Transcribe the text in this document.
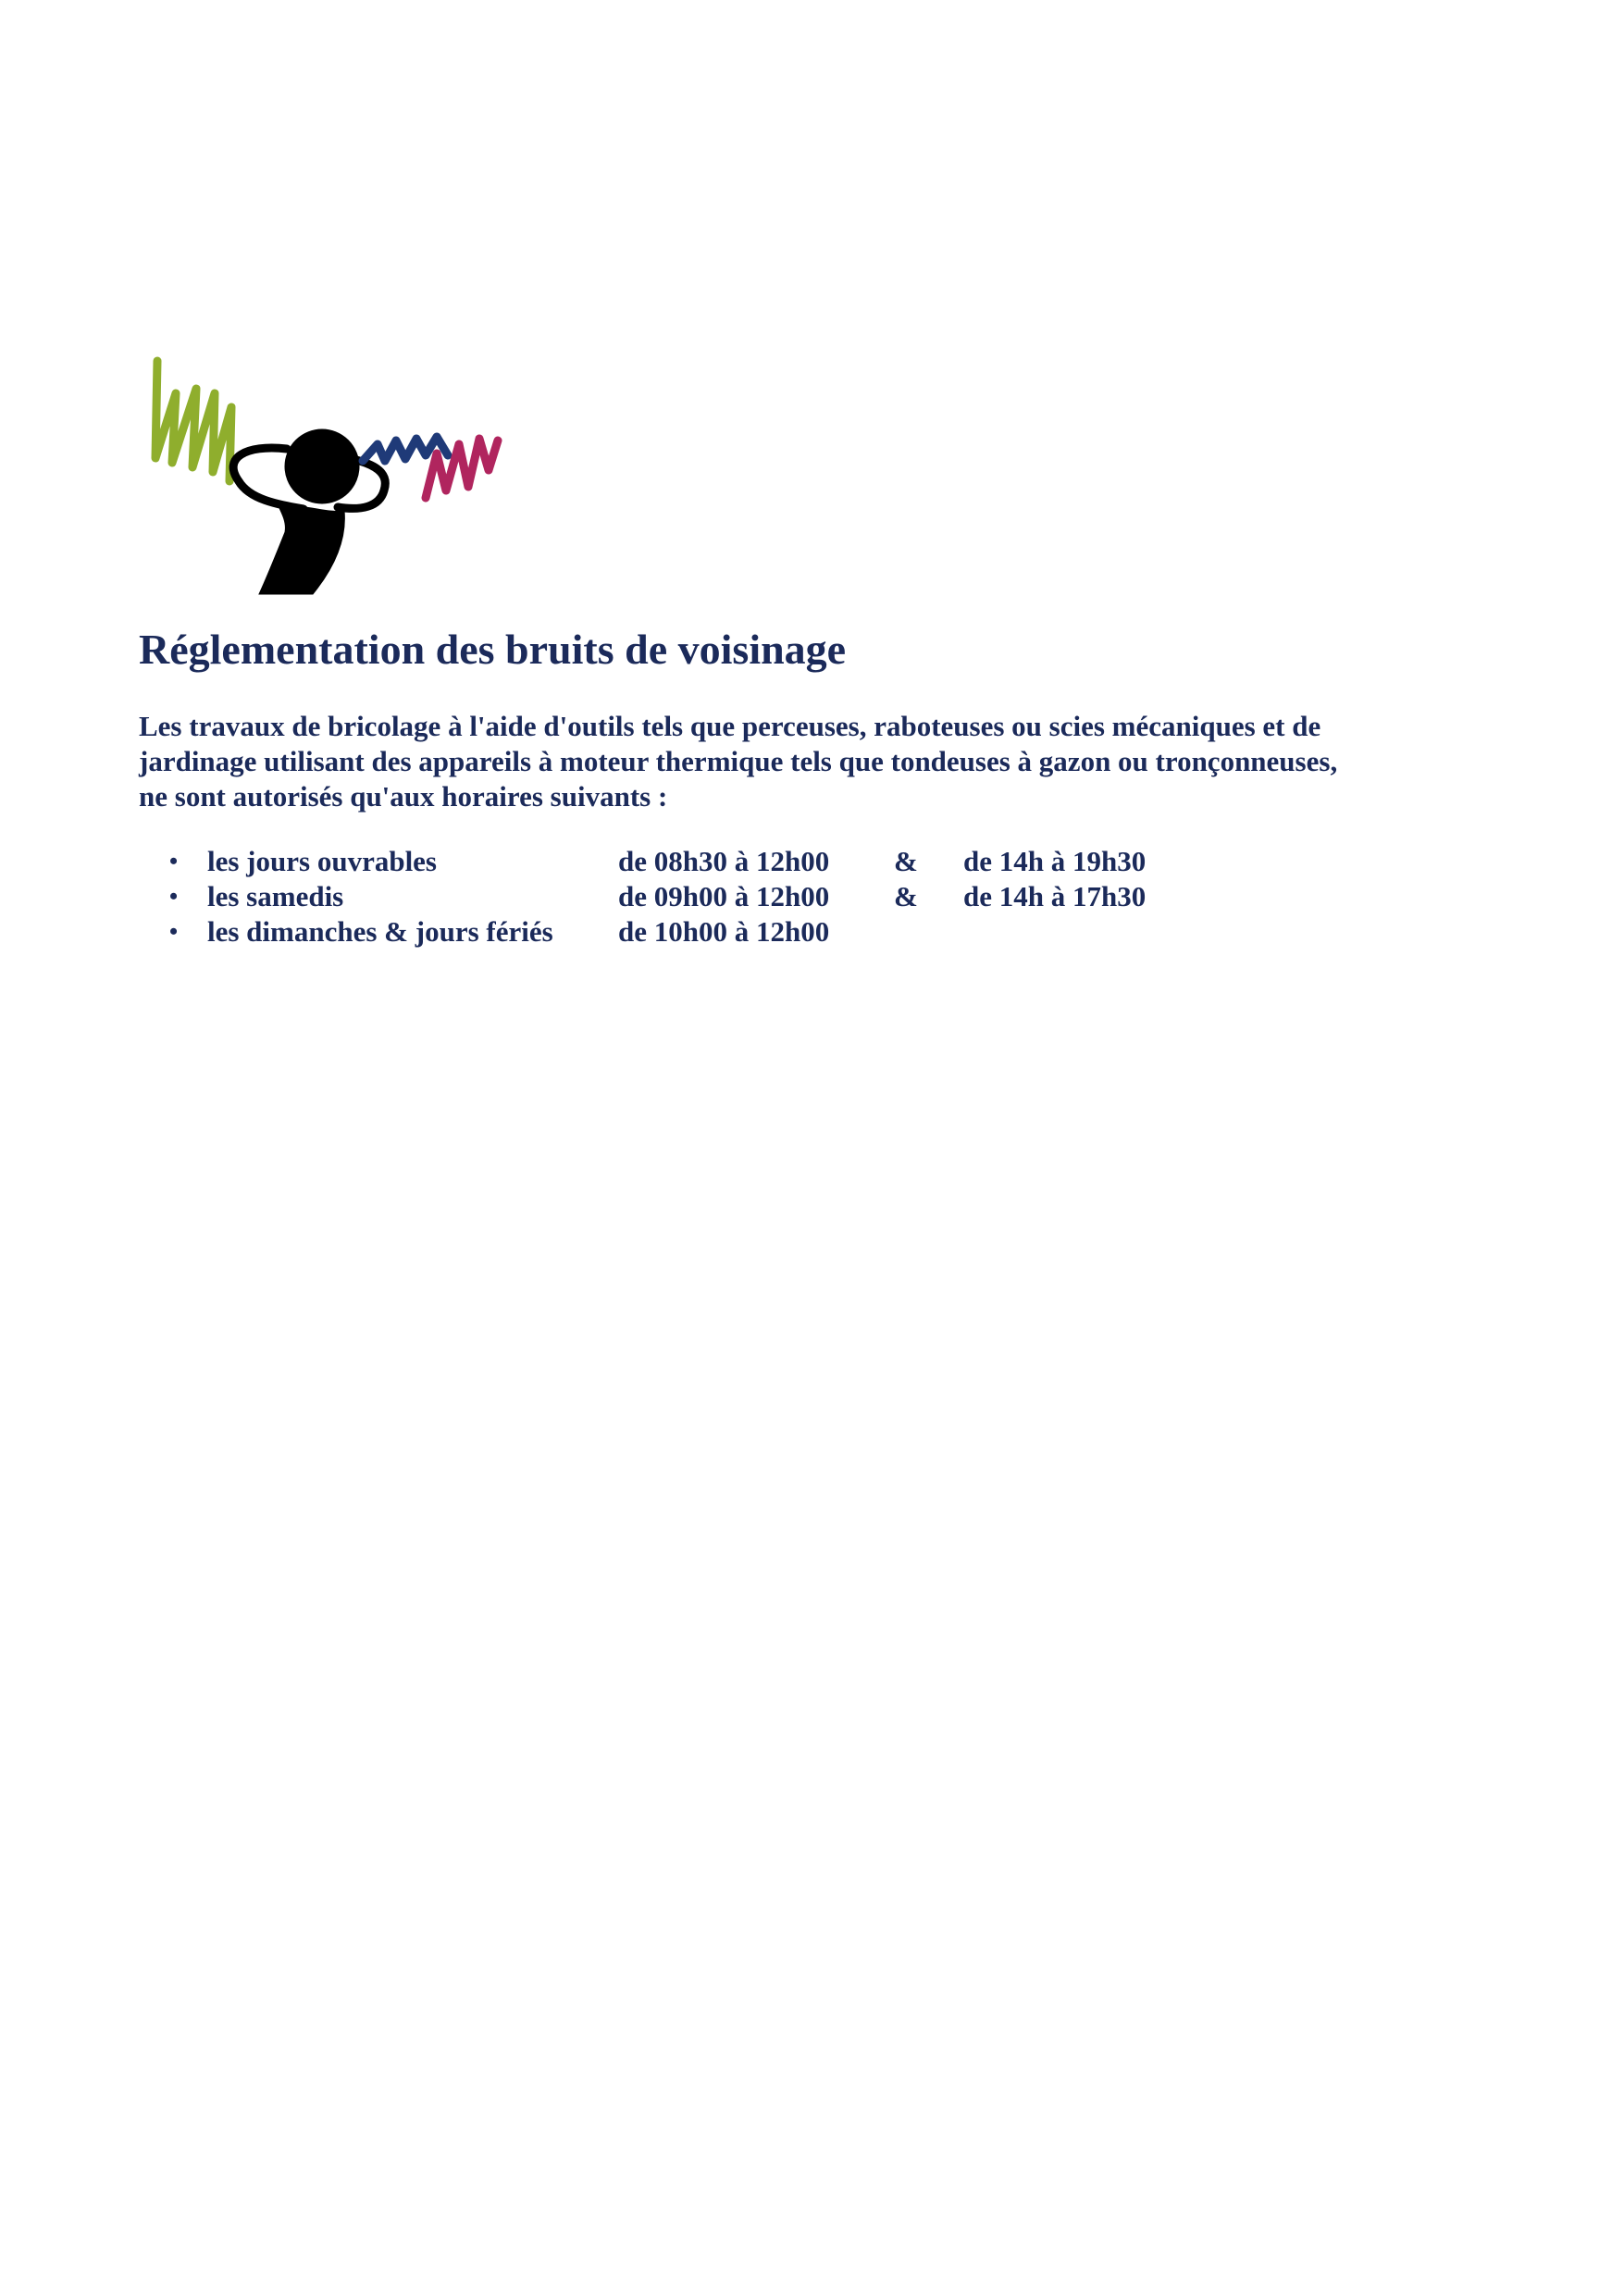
Réglementation des bruits de voisinage

Les travaux de bricolage à l'aide d'outils tels que perceuses, raboteuses ou scies mécaniques et de
jardinage utilisant des appareils à moteur thermique tels que tondeuses à gazon ou tronçonneuses,
ne sont autorisés qu'aux horaires suivants :

• les jours ouvrables	de 08h30 à 12h00 & de 14h à 19h30
• les samedis	de 09h00 à 12h00 & de 14h à 17h30
• les dimanches & jours fériés de 10h00 à 12h00
